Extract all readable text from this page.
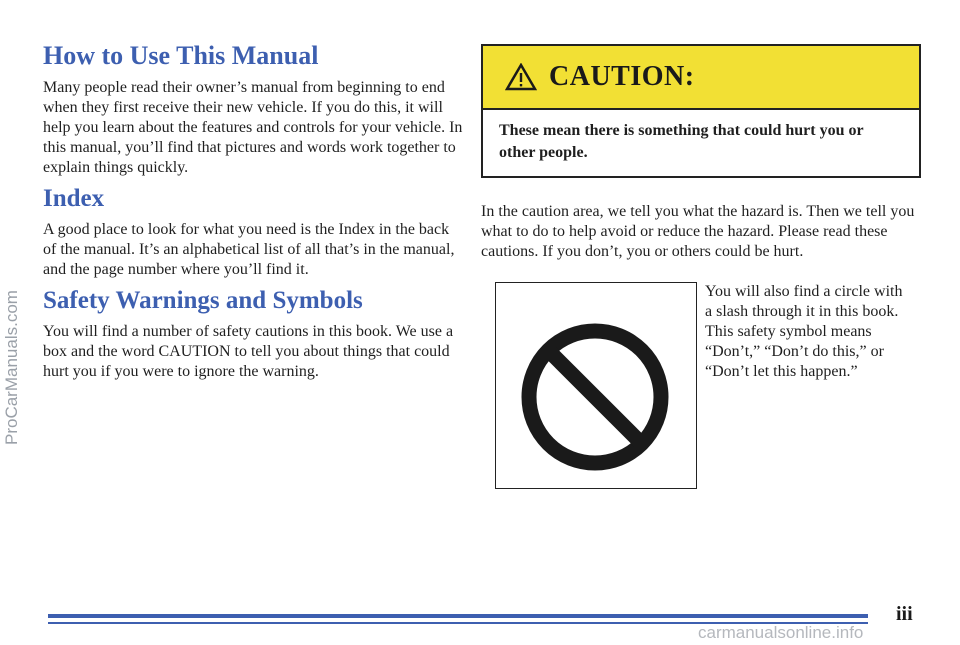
How to Use This Manual

Many people read their owner’s manual from beginning to end when they first receive their new vehicle. If you do this, it will help you learn about the features and controls for your vehicle. In this manual, you’ll find that pictures and words work together to explain things quickly.

Index

A good place to look for what you need is the Index in the back of the manual. It’s an alphabetical list of all that’s in the manual, and the page number where you’ll find it.

Safety Warnings and Symbols

You will find a number of safety cautions in this book. We use a box and the word CAUTION to tell you about things that could hurt you if you were to ignore the warning.

CAUTION:
These mean there is something that could hurt you or other people.

In the caution area, we tell you what the hazard is. Then we tell you what to do to help avoid or reduce the hazard. Please read these cautions. If you don’t, you or others could be hurt.

You will also find a circle with a slash through it in this book. This safety symbol means “Don’t,” “Don’t do this,” or “Don’t let this happen.”

iii
ProCarManuals.com
carmanualsonline.info
